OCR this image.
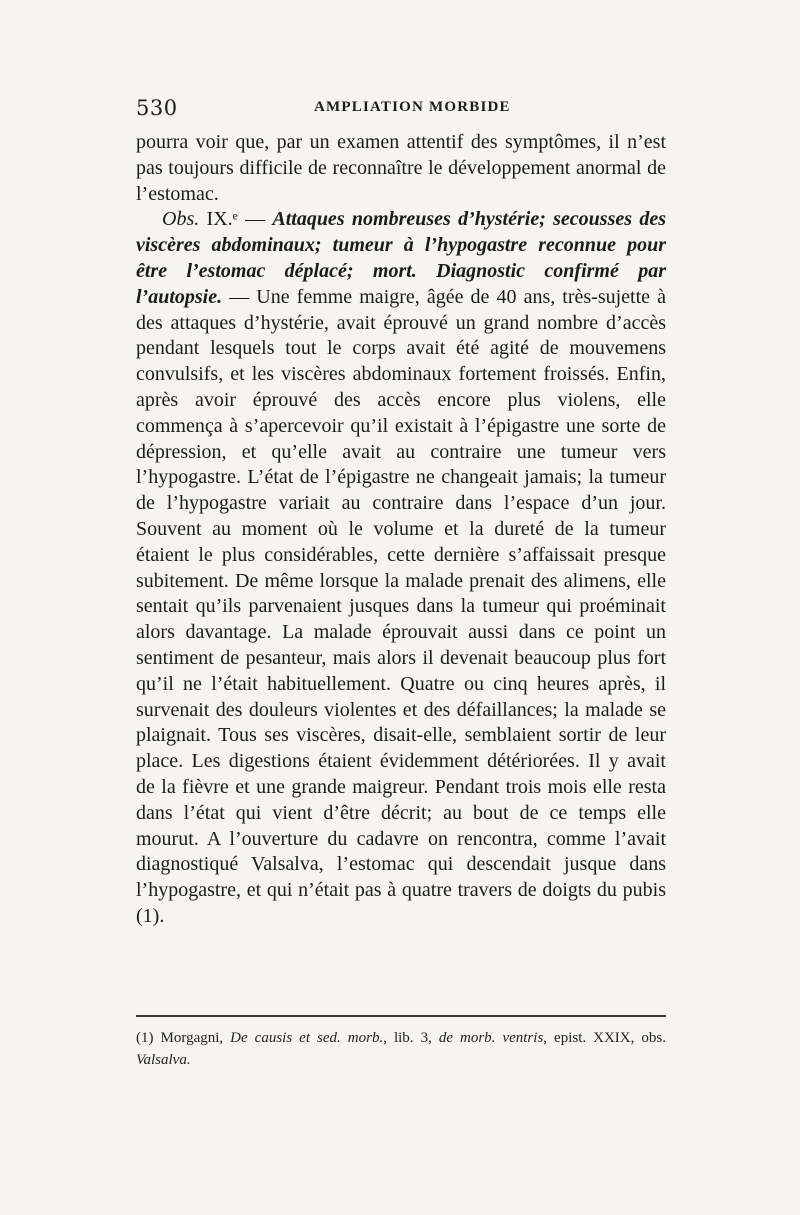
530	AMPLIATION MORBIDE

pourra voir que, par un examen attentif des symptômes, il n’est pas toujours difficile de reconnaître le développement anormal de l’estomac.

Obs. IX.ᵉ — Attaques nombreuses d’hystérie; secousses des viscères abdominaux; tumeur à l’hypogastre reconnue pour être l’estomac déplacé; mort. Diagnostic confirmé par l’autopsie. — Une femme maigre, âgée de 40 ans, très-sujette à des attaques d’hystérie, avait éprouvé un grand nombre d’accès pendant lesquels tout le corps avait été agité de mouvemens convulsifs, et les viscères abdominaux fortement froissés. Enfin, après avoir éprouvé des accès encore plus violens, elle commença à s’apercevoir qu’il existait à l’épigastre une sorte de dépression, et qu’elle avait au contraire une tumeur vers l’hypogastre. L’état de l’épigastre ne changeait jamais; la tumeur de l’hypogastre variait au contraire dans l’espace d’un jour. Souvent au moment où le volume et la dureté de la tumeur étaient le plus considérables, cette dernière s’affaissait presque subitement. De même lorsque la malade prenait des alimens, elle sentait qu’ils parvenaient jusques dans la tumeur qui proéminait alors davantage. La malade éprouvait aussi dans ce point un sentiment de pesanteur, mais alors il devenait beaucoup plus fort qu’il ne l’était habituellement. Quatre ou cinq heures après, il survenait des douleurs violentes et des défaillances; la malade se plaignait. Tous ses viscères, disait-elle, semblaient sortir de leur place. Les digestions étaient évidemment détériorées. Il y avait de la fièvre et une grande maigreur. Pendant trois mois elle resta dans l’état qui vient d’être décrit; au bout de ce temps elle mourut. A l’ouverture du cadavre on rencontra, comme l’avait diagnostiqué Valsalva, l’estomac qui descendait jusque dans l’hypogastre, et qui n’était pas à quatre travers de doigts du pubis (1).

(1) Morgagni, De causis et sed. morb., lib. 3, de morb. ventris, epist. XXIX, obs. Valsalva.
